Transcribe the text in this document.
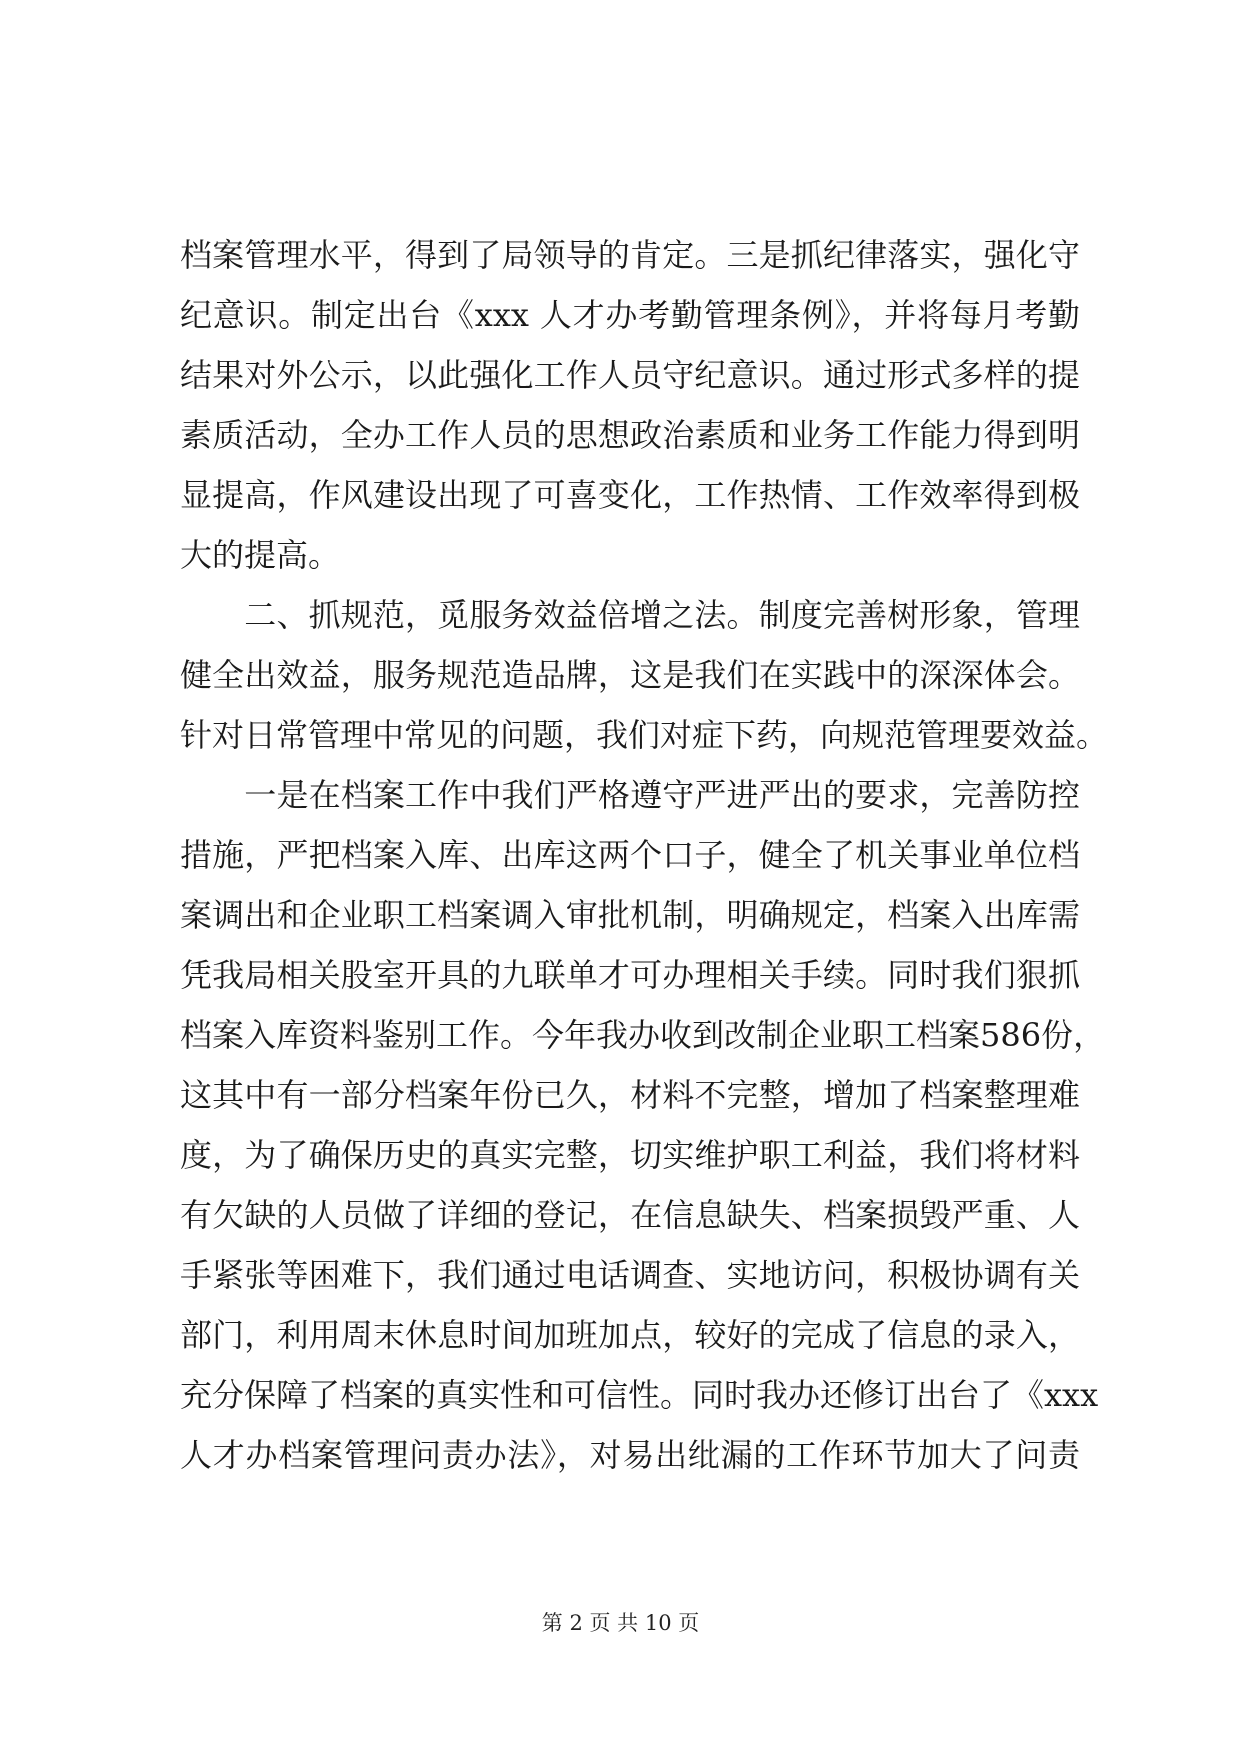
档案管理水平，得到了局领导的肯定。三是抓纪律落实，强化守
纪意识。制定出台《xxx 人才办考勤管理条例》，并将每月考勤
结果对外公示，以此强化工作人员守纪意识。通过形式多样的提
素质活动，全办工作人员的思想政治素质和业务工作能力得到明
显提高，作风建设出现了可喜变化，工作热情、工作效率得到极
大的提高。
　　二、抓规范，觅服务效益倍增之法。制度完善树形象，管理
健全出效益，服务规范造品牌，这是我们在实践中的深深体会。
针对日常管理中常见的问题，我们对症下药，向规范管理要效益。
　　一是在档案工作中我们严格遵守严进严出的要求，完善防控
措施，严把档案入库、出库这两个口子，健全了机关事业单位档
案调出和企业职工档案调入审批机制，明确规定，档案入出库需
凭我局相关股室开具的九联单才可办理相关手续。同时我们狠抓
档案入库资料鉴别工作。今年我办收到改制企业职工档案586份，
这其中有一部分档案年份已久，材料不完整，增加了档案整理难
度，为了确保历史的真实完整，切实维护职工利益，我们将材料
有欠缺的人员做了详细的登记，在信息缺失、档案损毁严重、人
手紧张等困难下，我们通过电话调查、实地访问，积极协调有关
部门，利用周末休息时间加班加点，较好的完成了信息的录入，
充分保障了档案的真实性和可信性。同时我办还修订出台了《xxx
人才办档案管理问责办法》，对易出纰漏的工作环节加大了问责
第 2 页 共 10 页
